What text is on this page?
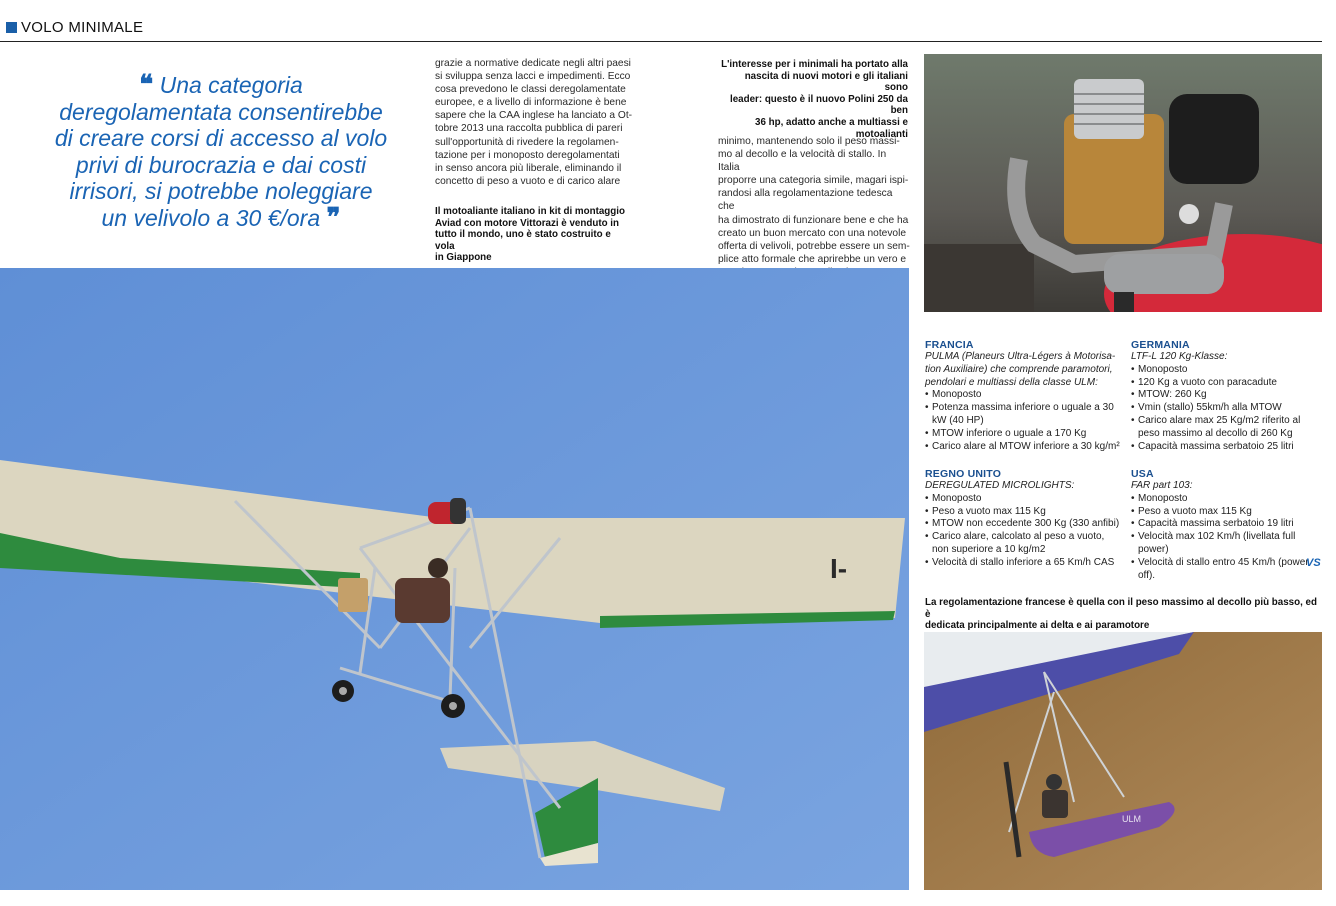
VOLO MINIMALE
❝ Una categoria
deregolamentata consentirebbe
di creare corsi di accesso al volo
privi di burocrazia e dai costi
irrisori, si potrebbe noleggiare
un velivolo a 30 €/ora ❞
grazie a normative dedicate negli altri paesi
si sviluppa senza lacci e impedimenti. Ecco
cosa prevedono le classi deregolamentate
europee, e a livello di informazione è bene
sapere che la CAA inglese ha lanciato a Ot-
tobre 2013 una raccolta pubblica di pareri
sull'opportunità di rivedere la regolamen-
tazione per i monoposto deregolamentati
in senso ancora più liberale, eliminando il
concetto di peso a vuoto e di carico alare
Il motoaliante italiano in kit di montaggio
Aviad con motore Vittorazi è venduto in
tutto il mondo, uno è stato costruito e vola
in Giappone
L'interesse per i minimali ha portato alla
nascita di nuovi motori e gli italiani sono
leader: questo è il nuovo Polini 250 da ben
36 hp, adatto anche a multiassi e
motoalianti
minimo, mantenendo solo il peso massi-
mo al decollo e la velocità di stallo. In Italia
proporre una categoria simile, magari ispi-
randosi alla regolamentazione tedesca che
ha dimostrato di funzionare bene e che ha
creato un buon mercato con una notevole
offerta di velivoli, potrebbe essere un sem-
plice atto formale che aprirebbe un vero e
I-
FRANCIA
PULMA (Planeurs Ultra-Légers à Motorisa-
tion Auxiliaire) che comprende paramotori,
pendolari e multiassi della classe ULM:
• Monoposto
• Potenza massima inferiore o uguale a 30 kW (40 HP)
• MTOW inferiore o uguale a 170 Kg
• Carico alare al MTOW inferiore a 30 kg/m²
GERMANIA
LTF-L 120 Kg-Klasse:
• Monoposto
• 120 Kg a vuoto con paracadute
• MTOW: 260 Kg
• Vmin (stallo) 55km/h alla MTOW
• Carico alare max 25 Kg/m2 riferito al peso massimo al decollo di 260 Kg
• Capacità massima serbatoio 25 litri
REGNO UNITO
DEREGULATED MICROLIGHTS:
• Monoposto
• Peso a vuoto max 115 Kg
• MTOW non eccedente 300 Kg (330 anfibi)
• Carico alare, calcolato al peso a vuoto, non superiore a 10 kg/m2
• Velocità di stallo inferiore a 65 Km/h CAS
USA
FAR part 103:
• Monoposto
• Peso a vuoto max 115 Kg
• Capacità massima serbatoio 19 litri
• Velocità max 102 Km/h (livellata full power)
• Velocità di stallo entro 45 Km/h (power off).
VS
La regolamentazione francese è quella con il peso massimo al decollo più basso, ed è
dedicata principalmente ai delta e ai paramotore
ULM
